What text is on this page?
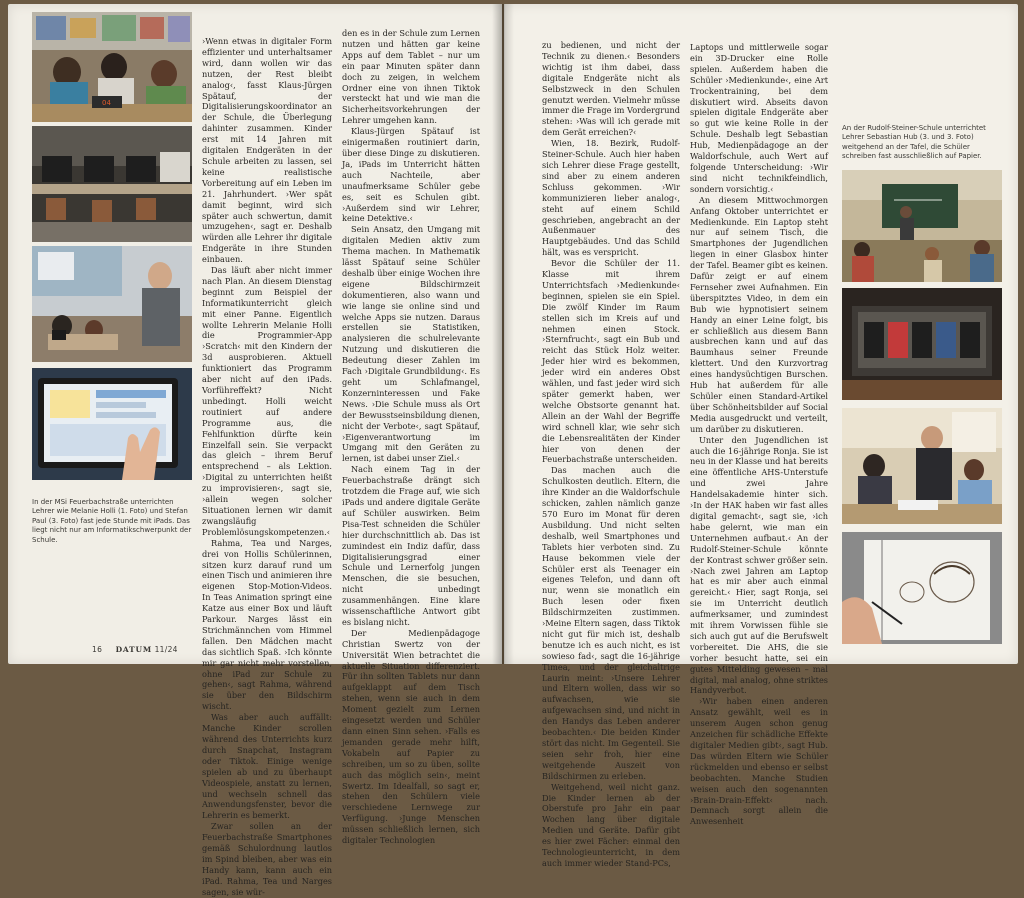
04
In der MSi Feuerbachstraße unterrichten Lehrer wie Melanie Holli (1. Foto) und Stefan Paul (3. Foto) fast jede Stunde mit iPads. Das liegt nicht nur am Informatikschwerpunkt der Schule.

›Wenn etwas in digitaler Form effizienter und unterhaltsamer wird, dann wollen wir das nutzen, der Rest bleibt analog‹, fasst Klaus-Jürgen Spätauf, der Digitalisierungskoordinator an der Schule, die Überlegung dahinter zusammen. Kinder erst mit 14 Jahren mit digitalen Endgeräten in der Schule arbeiten zu lassen, sei keine realistische Vorbereitung auf ein Leben im 21. Jahrhundert. ›Wer spät damit beginnt, wird sich später auch schwertun, damit umzugehen‹, sagt er. Deshalb würden alle Lehrer ihr digitale Endgeräte in ihre Stunden einbauen.

Das läuft aber nicht immer nach Plan. An diesem Dienstag beginnt zum Beispiel der Informatikunterricht gleich mit einer Panne. Eigentlich wollte Lehrerin Melanie Holli die Programmier-App ›Scratch‹ mit den Kindern der 3d ausprobieren. Aktuell funktioniert das Programm aber nicht auf den iPads. Vorführeffekt? Nicht unbedingt. Holli weicht routiniert auf andere Programme aus, die Fehlfunktion dürfte kein Einzelfall sein. Sie verpackt das gleich – ihrem Beruf entsprechend – als Lektion. ›Digital zu unterrichten heißt zu improvisieren‹, sagt sie, ›allein wegen solcher Situationen lernen wir damit zwangsläufig Problemlösungskompetenzen.‹

Rahma, Tea und Narges, drei von Hollis Schülerinnen, sitzen kurz darauf rund um einen Tisch und animieren ihre eigenen Stop-Motion-Videos. In Teas Animation springt eine Katze aus einer Box und läuft Parkour. Narges lässt ein Strichmännchen vom Himmel fallen. Den Mädchen macht das sichtlich Spaß. ›Ich könnte mir gar nicht mehr vorstellen, ohne iPad zur Schule zu gehen‹, sagt Rahma, während sie über den Bildschirm wischt.

Was aber auch auffällt: Manche Kinder scrollen während des Unterrichts kurz durch Snapchat, Instagram oder Tiktok. Einige wenige spielen ab und zu überhaupt Videospiele, anstatt zu lernen, und wechseln schnell das Anwendungsfenster, bevor die Lehrerin es bemerkt.

Zwar sollen an der Feuerbachstraße Smartphones gemäß Schulordnung lautlos im Spind bleiben, aber was ein Handy kann, kann auch ein iPad. Rahma, Tea und Narges sagen, sie wür-

den es in der Schule zum Lernen nutzen und hätten gar keine Apps auf dem Tablet – nur um ein paar Minuten später dann doch zu zeigen, in welchem Ordner eine von ihnen Tiktok versteckt hat und wie man die Sicherheitsvorkehrungen der Lehrer umgehen kann.

Klaus-Jürgen Spätauf ist einigermaßen routiniert darin, über diese Dinge zu diskutieren. Ja, iPads im Unterricht hätten auch Nachteile, aber unaufmerksame Schüler gebe es, seit es Schulen gibt. ›Außerdem sind wir Lehrer, keine Detektive.‹

Sein Ansatz, den Umgang mit digitalen Medien aktiv zum Thema machen. In Mathematik lässt Spätauf seine Schüler deshalb über einige Wochen ihre eigene Bildschirmzeit dokumentieren, also wann und wie lange sie online sind und welche Apps sie nutzen. Daraus erstellen sie Statistiken, analysieren die schulrelevante Nutzung und diskutieren die Bedeutung dieser Zahlen im Fach ›Digitale Grundbildung‹. Es geht um Schlafmangel, Konzerninteressen und Fake News. ›Die Schule muss als Ort der Bewusstseinsbildung dienen, nicht der Verbote‹, sagt Spätauf, ›Eigenverantwortung im Umgang mit den Geräten zu lernen, ist dabei unser Ziel.‹

Nach einem Tag in der Feuerbachstraße drängt sich trotzdem die Frage auf, wie sich iPads und andere digitale Geräte auf Schüler auswirken. Beim Pisa-Test schneiden die Schüler hier durchschnittlich ab. Das ist zumindest ein Indiz dafür, dass Digitalisierungsgrad einer Schule und Lernerfolg jungen Menschen, die sie besuchen, nicht unbedingt zusammenhängen. Eine klare wissenschaftliche Antwort gibt es bislang nicht.

Der Medienpädagoge Christian Swertz von der Universität Wien betrachtet die aktuelle Situation differenziert. Für ihn sollten Tablets nur dann aufgeklappt auf dem Tisch stehen, wenn sie auch in dem Moment gezielt zum Lernen eingesetzt werden und Schüler dann einen Sinn sehen. ›Falls es jemanden gerade mehr hilft, Vokabeln auf Papier zu schreiben, um so zu üben, sollte auch das möglich sein‹, meint Swertz. Im Idealfall, so sagt er, stehen den Schülern viele verschiedene Lernwege zur Verfügung. ›Junge Menschen müssen schließlich lernen, sich digitaler Technologien

16 DATUM 11/24

zu bedienen, und nicht der Technik zu dienen.‹ Besonders wichtig ist ihm dabei, dass digitale Endgeräte nicht als Selbstzweck in den Schulen genutzt werden. Vielmehr müsse immer die Frage im Vordergrund stehen: ›Was will ich gerade mit dem Gerät erreichen?‹

Wien, 18. Bezirk, Rudolf-Steiner-Schule. Auch hier haben sich Lehrer diese Frage gestellt, sind aber zu einem anderen Schluss gekommen. ›Wir kommunizieren lieber analog‹, steht auf einem Schild geschrieben, angebracht an der Außenmauer des Hauptgebäudes. Und das Schild hält, was es verspricht.

Bevor die Schüler der 11. Klasse mit ihrem Unterrichtsfach ›Medienkunde‹ beginnen, spielen sie ein Spiel. Die zwölf Kinder im Raum stellen sich im Kreis auf und nehmen einen Stock. ›Sternfrucht‹, sagt ein Bub und reicht das Stück Holz weiter. Jeder hier wird es bekommen, jeder wird ein anderes Obst wählen, und fast jeder wird sich später gemerkt haben, wer welche Obstsorte genannt hat. Allein an der Wahl der Begriffe wird schnell klar, wie sehr sich die Lebensrealitäten der Kinder hier von denen der Feuerbachstraße unterscheiden.

Das machen auch die Schulkosten deutlich. Eltern, die ihre Kinder an die Waldorfschule schicken, zahlen nämlich ganze 570 Euro im Monat für deren Ausbildung. Und nicht selten deshalb, weil Smartphones und Tablets hier verboten sind. Zu Hause bekommen viele der Schüler erst als Teenager ein eigenes Telefon, und dann oft nur, wenn sie monatlich ein Buch lesen oder fixen Bildschirmzeiten zustimmen. ›Meine Eltern sagen, dass Tiktok nicht gut für mich ist, deshalb benutze ich es auch nicht, es ist sowieso fad‹, sagt die 16-jährige Timea, und der gleichaltrige Laurin meint: ›Unsere Lehrer und Eltern wollen, dass wir so aufwachsen, wie sie aufgewachsen sind, und nicht in den Handys das Leben anderer beobachten.‹ Die beiden Kinder stört das nicht. Im Gegenteil. Sie seien sehr froh, hier eine weitgehende Auszeit von Bildschirmen zu erleben.

Weitgehend, weil nicht ganz. Die Kinder lernen ab der Oberstufe pro Jahr ein paar Wochen lang über digitale Medien und Geräte. Dafür gibt es hier zwei Fächer: einmal den Technologieunterricht, in dem auch immer wieder Stand-PCs,

Laptops und mittlerweile sogar ein 3D-Drucker eine Rolle spielen. Außerdem haben die Schüler ›Medienkunde‹, eine Art Trockentraining, bei dem diskutiert wird. Abseits davon spielen digitale Endgeräte aber so gut wie keine Rolle in der Schule. Deshalb legt Sebastian Hub, Medienpädagoge an der Waldorfschule, auch Wert auf folgende Unterscheidung: ›Wir sind nicht technikfeindlich, sondern vorsichtig.‹

An diesem Mittwochmorgen Anfang Oktober unterrichtet er Medienkunde. Ein Laptop steht nur auf seinem Tisch, die Smartphones der Jugendlichen liegen in einer Glasbox hinter der Tafel. Beamer gibt es keinen. Dafür zeigt er auf einem Fernseher zwei Aufnahmen. Ein überspitztes Video, in dem ein Bub wie hypnotisiert seinem Handy an einer Leine folgt, bis er schließlich aus diesem Bann ausbrechen kann und auf das Baumhaus seiner Freunde klettert. Und den Kurzvortrag eines handysüchtigen Burschen. Hub hat außerdem für alle Schüler einen Standard-Artikel über Schönheitsbilder auf Social Media ausgedruckt und verteilt, um darüber zu diskutieren.

Unter den Jugendlichen ist auch die 16-jährige Ronja. Sie ist neu in der Klasse und hat bereits eine öffentliche AHS-Unterstufe und zwei Jahre Handelsakademie hinter sich. ›In der HAK haben wir fast alles digital gemacht‹, sagt sie, ›ich habe gelernt, wie man ein Unternehmen aufbaut.‹ An der Rudolf-Steiner-Schule könnte der Kontrast schwer größer sein. ›Nach zwei Jahren am Laptop hat es mir aber auch einmal gereicht.‹ Hier, sagt Ronja, sei sie im Unterricht deutlich aufmerksamer, und zumindest mit ihrem Vorwissen fühle sie sich auch gut auf die Berufswelt vorbereitet. Die AHS, die sie vorher besucht hatte, sei ein gutes Mittelding gewesen – mal digital, mal analog, ohne striktes Handyverbot.

›Wir haben einen anderen Ansatz gewählt, weil es in unserem Augen schon genug Anzeichen für schädliche Effekte digitaler Medien gibt‹, sagt Hub. Das würden Eltern wie Schüler rückmelden und ebenso er selbst beobachten. Manche Studien weisen auch den sogenannten ›Brain-Drain-Effekt‹ nach. Demnach sorgt allein die Anwesenheit

An der Rudolf-Steiner-Schule unterrichtet Lehrer Sebastian Hub (3. und 3. Foto) weitgehend an der Tafel, die Schüler schreiben fast ausschließlich auf Papier.
